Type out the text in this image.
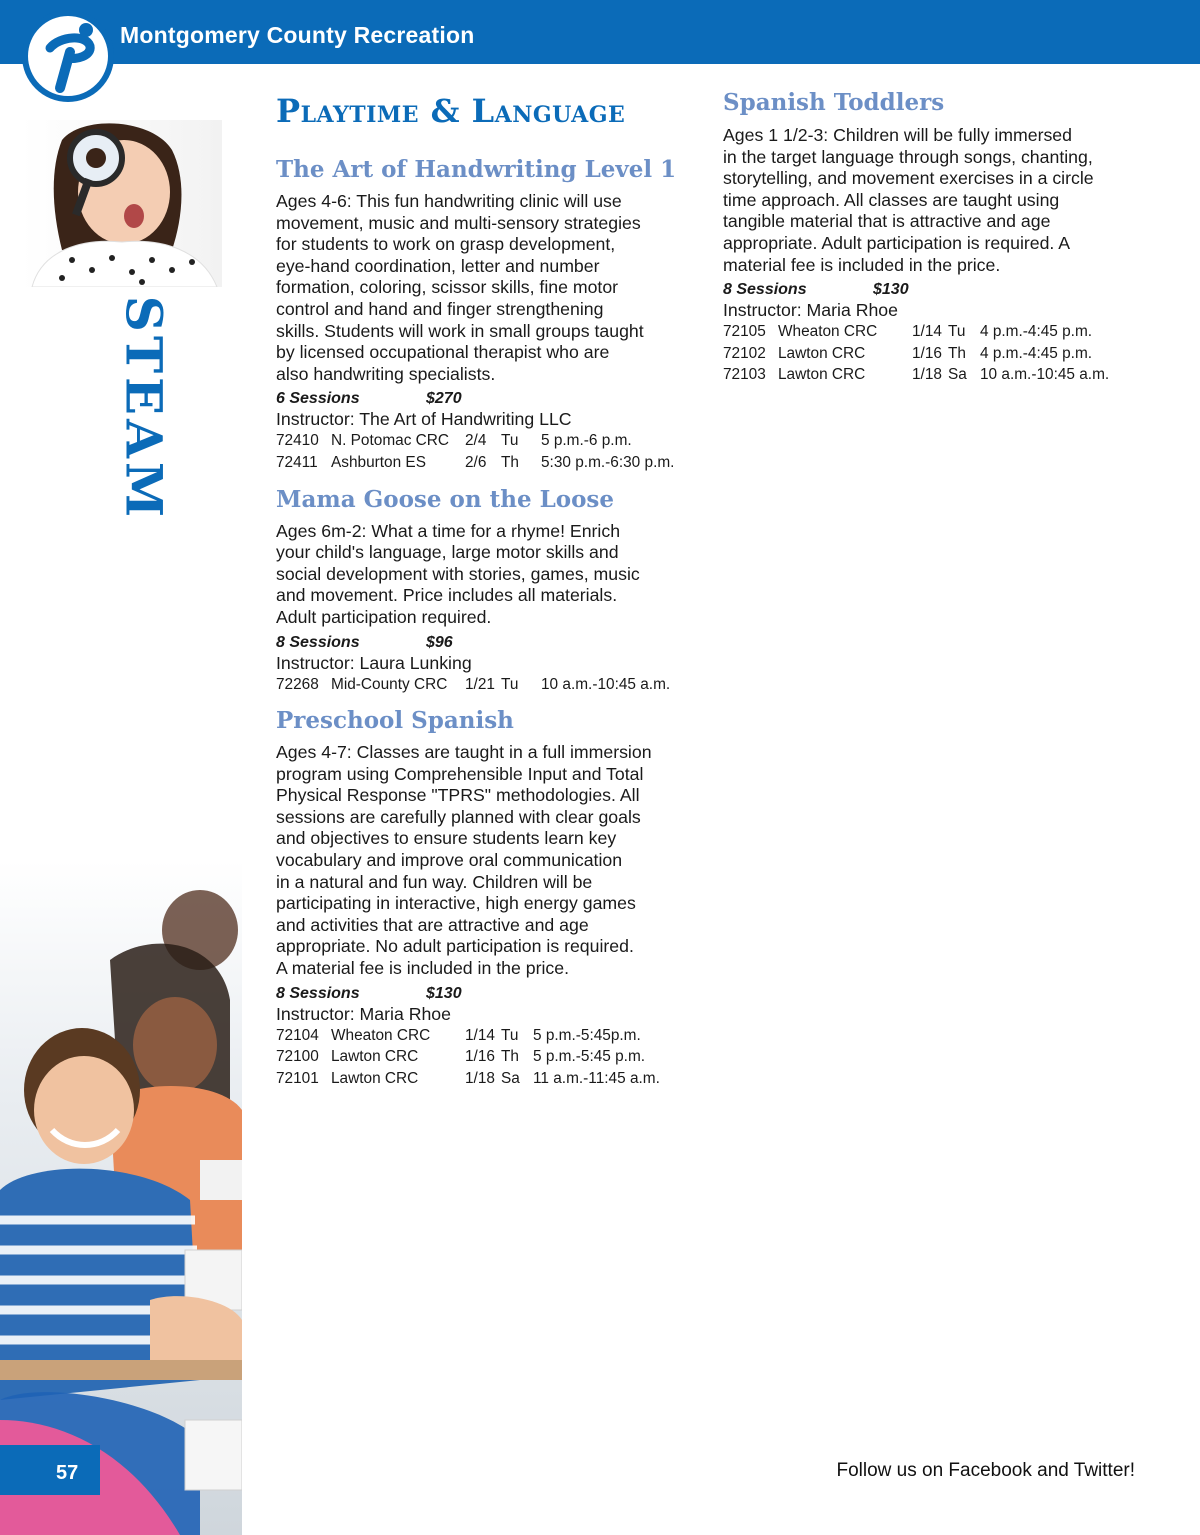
Montgomery County Recreation
STEAM
57
Playtime & Language
The Art of Handwriting Level 1
Ages 4-6: This fun handwriting clinic will use
movement, music and multi-sensory strategies
for students to work on grasp development,
eye-hand coordination, letter and number
formation, coloring, scissor skills, fine motor
control and hand and finger strengthening
skills. Students will work in small groups taught
by licensed occupational therapist who are
also handwriting specialists.
6 Sessions	$270
Instructor: The Art of Handwriting LLC
72410 N. Potomac CRC 2/4 Tu 5 p.m.-6 p.m.
72411 Ashburton ES	2/6 Th 5:30 p.m.-6:30 p.m.
Mama Goose on the Loose
Ages 6m-2: What a time for a rhyme! Enrich
your child's language, large motor skills and
social development with stories, games, music
and movement. Price includes all materials.
Adult participation required.
8 Sessions	$96
Instructor: Laura Lunking
72268 Mid-County CRC 1/21 Tu 10 a.m.-10:45 a.m.
Preschool Spanish
Ages 4-7: Classes are taught in a full immersion
program using Comprehensible Input and Total
Physical Response "TPRS" methodologies. All
sessions are carefully planned with clear goals
and objectives to ensure students learn key
vocabulary and improve oral communication
in a natural and fun way. Children will be
participating in interactive, high energy games
and activities that are attractive and age
appropriate. No adult participation is required.
A material fee is included in the price.
8 Sessions	$130
Instructor: Maria Rhoe
72104 Wheaton CRC 1/14 Tu 5 p.m.-5:45p.m.
72100 Lawton CRC	1/16 Th 5 p.m.-5:45 p.m.
72101 Lawton CRC	1/18 Sa 11 a.m.-11:45 a.m.
Spanish Toddlers
Ages 1 1/2-3: Children will be fully immersed
in the target language through songs, chanting,
storytelling, and movement exercises in a circle
time approach. All classes are taught using
tangible material that is attractive and age
appropriate. Adult participation is required. A
material fee is included in the price.
8 Sessions	$130
Instructor: Maria Rhoe
72105 Wheaton CRC 1/14 Tu 4 p.m.-4:45 p.m.
72102 Lawton CRC	1/16 Th 4 p.m.-4:45 p.m.
72103 Lawton CRC	1/18 Sa 10 a.m.-10:45 a.m.
Follow us on Facebook and Twitter!
